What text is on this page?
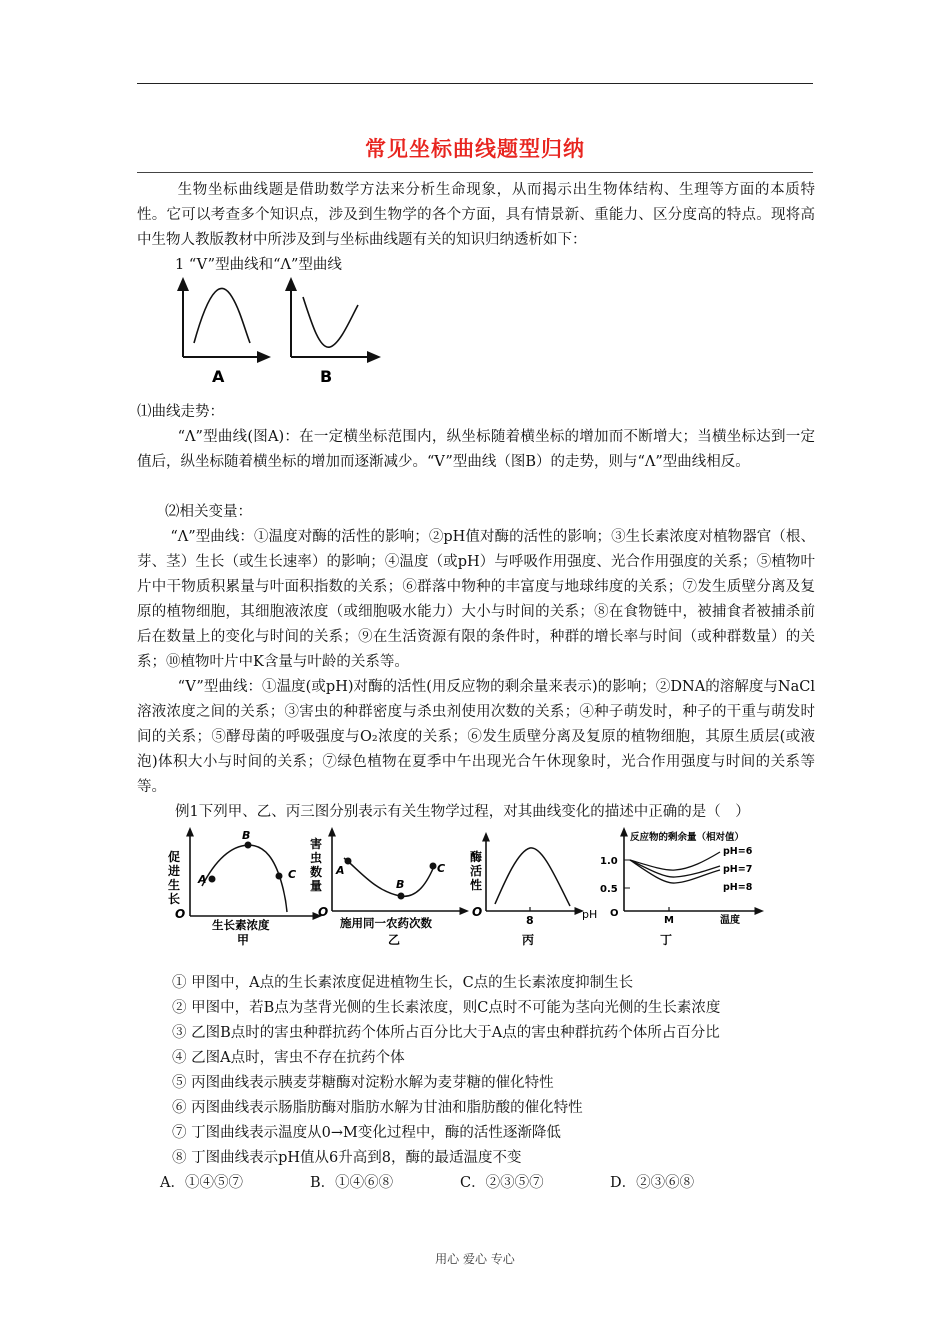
常见坐标曲线题型归纳
生物坐标曲线题是借助数学方法来分析生命现象，从而揭示出生物体结构、生理等方面的本质特性。它可以考查多个知识点，涉及到生物学的各个方面，具有情景新、重能力、区分度高的特点。现将高中生物人教版教材中所涉及到与坐标曲线题有关的知识归纳透析如下：
1 “V”型曲线和“Λ”型曲线
A	B
⑴曲线走势：
“Λ”型曲线(图A)：在一定横坐标范围内，纵坐标随着横坐标的增加而不断增大；当横坐标达到一定值后，纵坐标随着横坐标的增加而逐渐减少。“V”型曲线（图B）的走势，则与“Λ”型曲线相反。
⑵相关变量：
“Λ”型曲线：①温度对酶的活性的影响；②pH值对酶的活性的影响；③生长素浓度对植物器官（根、芽、茎）生长（或生长速率）的影响；④温度（或pH）与呼吸作用强度、光合作用强度的关系；⑤植物叶片中干物质积累量与叶面积指数的关系；⑥群落中物种的丰富度与地球纬度的关系；⑦发生质壁分离及复原的植物细胞，其细胞液浓度（或细胞吸水能力）大小与时间的关系；⑧在食物链中，被捕食者被捕杀前后在数量上的变化与时间的关系；⑨在生活资源有限的条件时，种群的增长率与时间（或种群数量）的关系；⑩植物叶片中K含量与叶龄的关系等。
“V”型曲线：①温度(或pH)对酶的活性(用反应物的剩余量来表示)的影响；②DNA的溶解度与NaCl溶液浓度之间的关系；③害虫的种群密度与杀虫剂使用次数的关系；④种子萌发时，种子的干重与萌发时间的关系；⑤酵母菌的呼吸强度与O₂浓度的关系；⑥发生质壁分离及复原的植物细胞，其原生质层(或液泡)体积大小与时间的关系；⑦绿色植物在夏季中午出现光合午休现象时，光合作用强度与时间的关系等等。
例1下列甲、乙、丙三图分别表示有关生物学过程，对其曲线变化的描述中正确的是（　）
促
进
生
长
O
A
B
C
生长素浓度
甲
害
虫
数
量
O
A
B
C
施用同一农药次数
乙
酶
活
性
O
8	pH
丙
反应物的剩余量（相对值）
1.0
0.5
O
pH=6
pH=7
pH=8
M	温度
丁
① 甲图中，A点的生长素浓度促进植物生长，C点的生长素浓度抑制生长
② 甲图中，若B点为茎背光侧的生长素浓度，则C点时不可能为茎向光侧的生长素浓度
③ 乙图B点时的害虫种群抗药个体所占百分比大于A点的害虫种群抗药个体所占百分比
④ 乙图A点时，害虫不存在抗药个体
⑤ 丙图曲线表示胰麦芽糖酶对淀粉水解为麦芽糖的催化特性
⑥ 丙图曲线表示肠脂肪酶对脂肪水解为甘油和脂肪酸的催化特性
⑦ 丁图曲线表示温度从0→M变化过程中，酶的活性逐渐降低
⑧ 丁图曲线表示pH值从6升高到8，酶的最适温度不变
A．①④⑤⑦	B．①④⑥⑧	C．②③⑤⑦	D．②③⑥⑧
用心 爱心 专心
